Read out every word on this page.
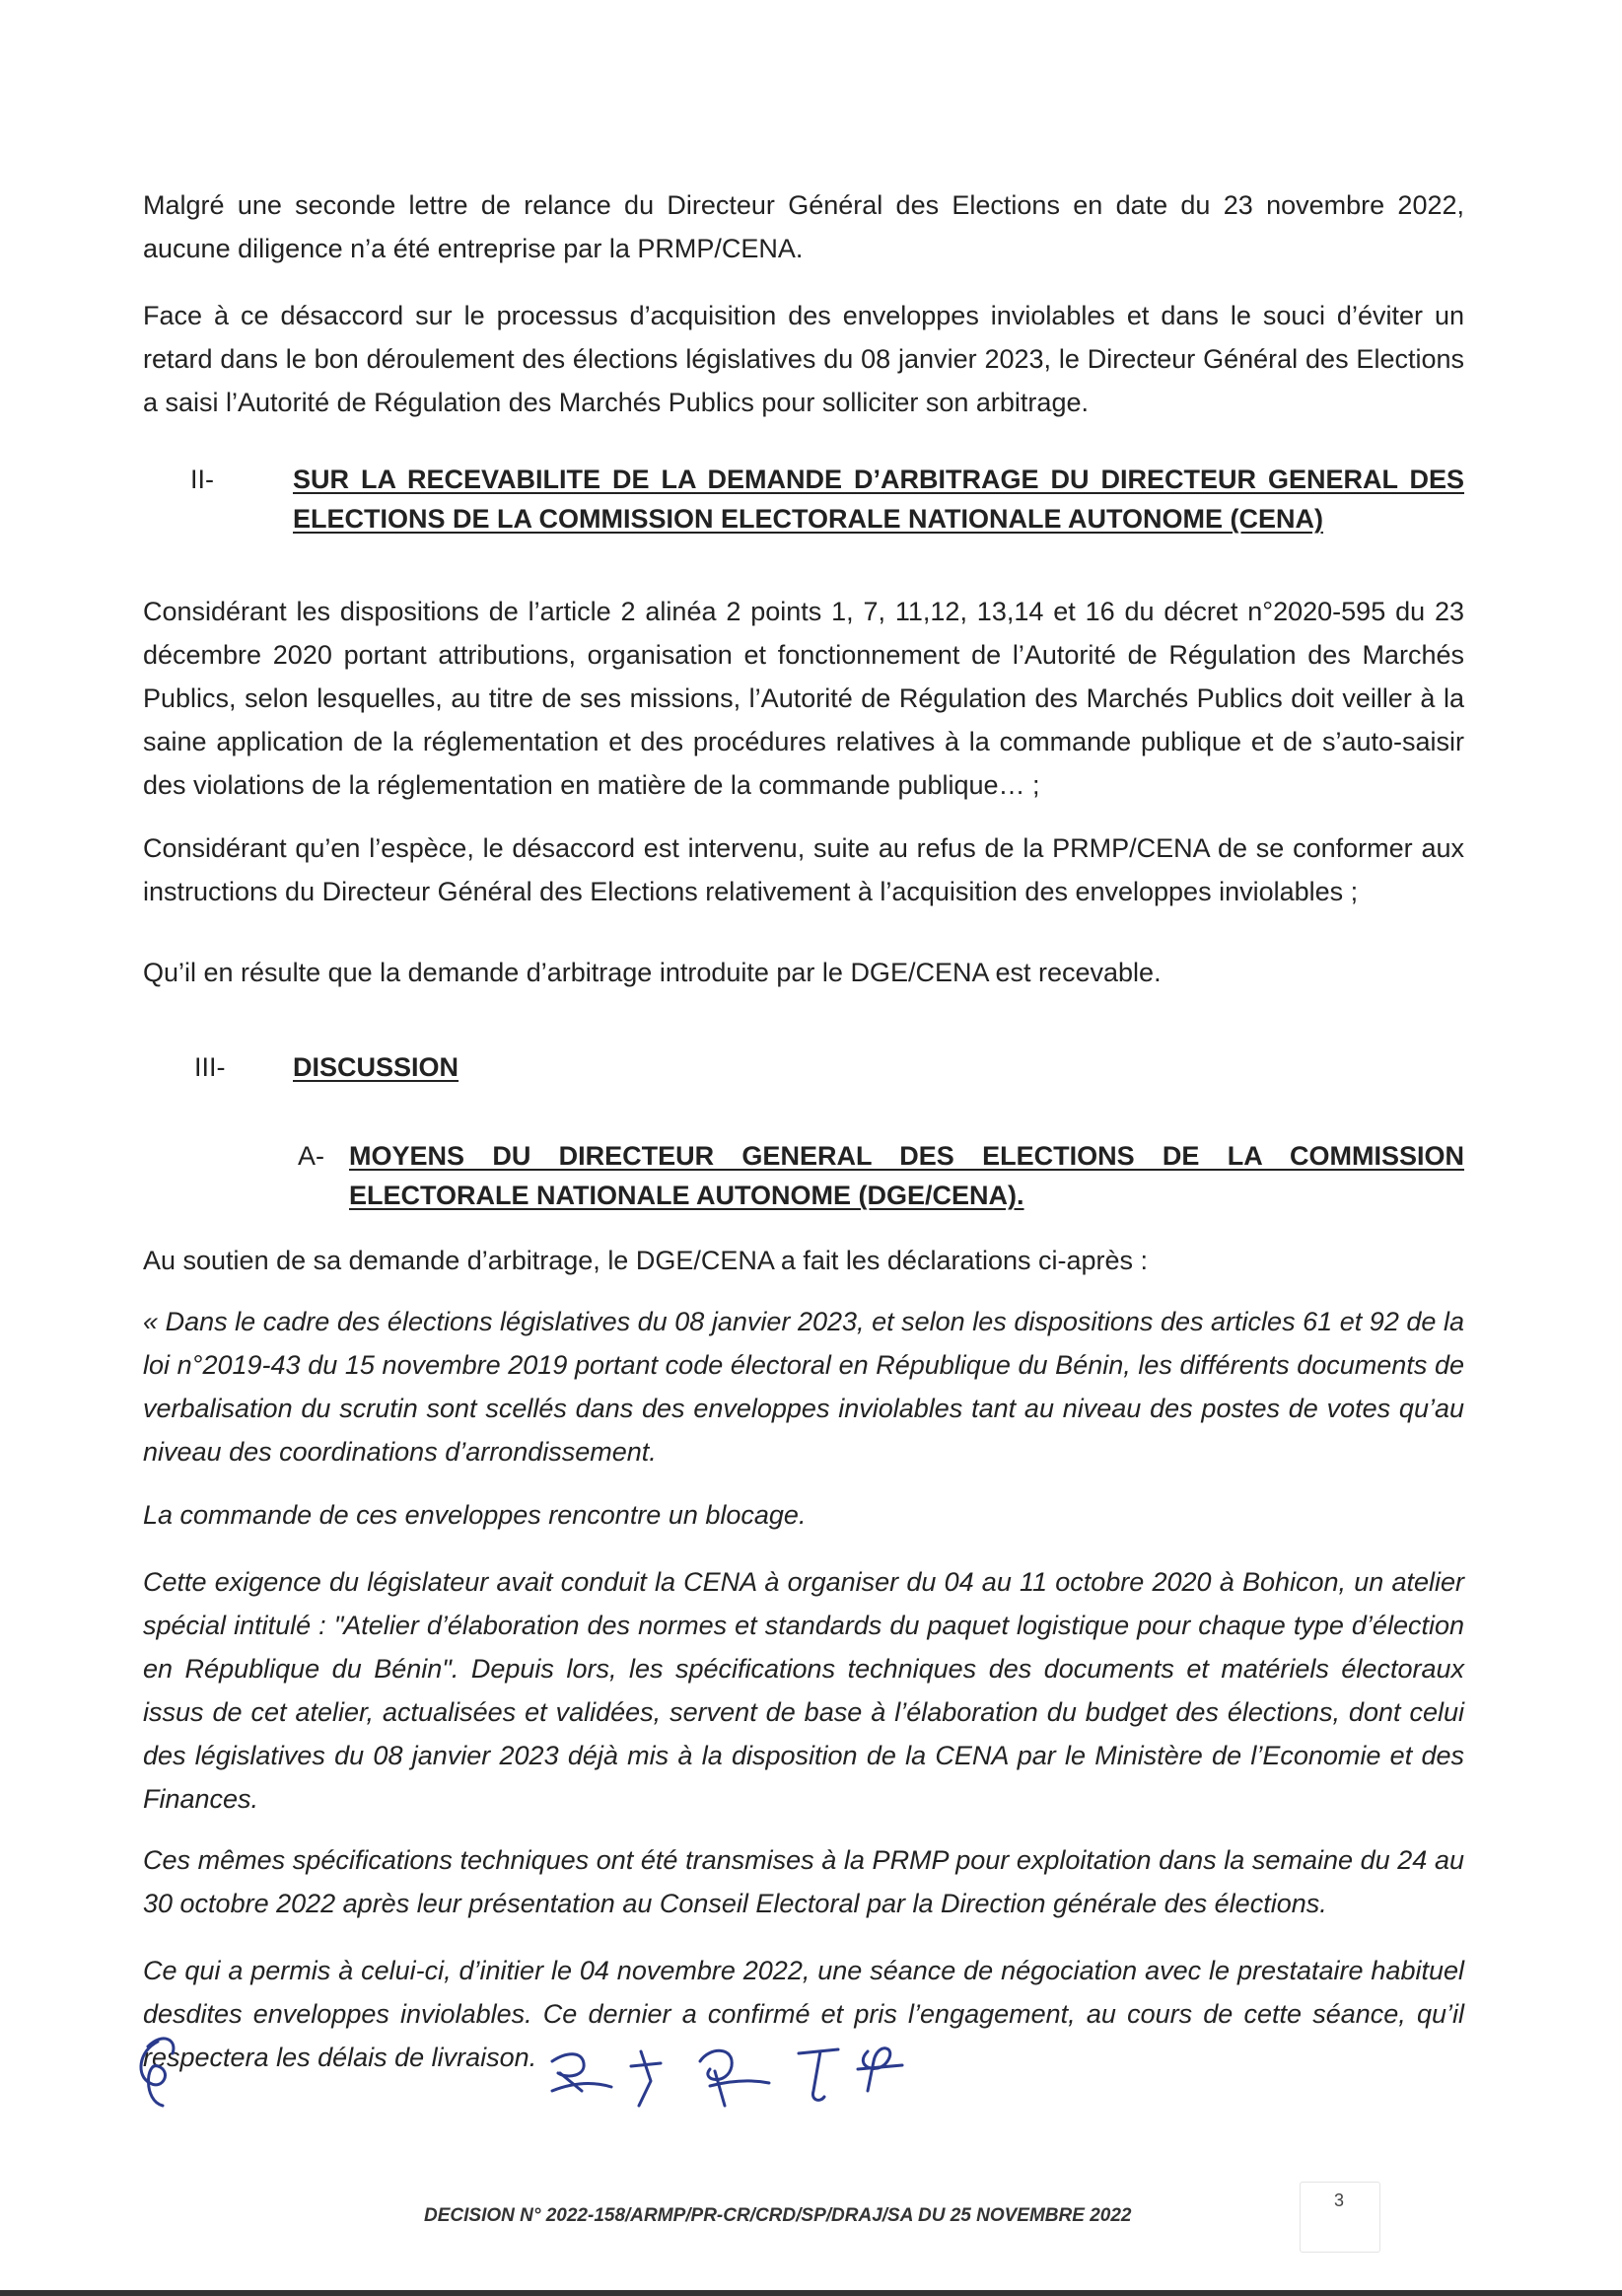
Malgré une seconde lettre de relance du Directeur Général des Elections en date du 23 novembre 2022, aucune diligence n’a été entreprise par la PRMP/CENA.

Face à ce désaccord sur le processus d’acquisition des enveloppes inviolables et dans le souci d’éviter un retard dans le bon déroulement des élections législatives du 08 janvier 2023, le Directeur Général des Elections a saisi l’Autorité de Régulation des Marchés Publics pour solliciter son arbitrage.

II-	SUR LA RECEVABILITE DE LA DEMANDE D’ARBITRAGE DU DIRECTEUR GENERAL DES ELECTIONS DE LA COMMISSION ELECTORALE NATIONALE AUTONOME (CENA)

Considérant les dispositions de l’article 2 alinéa 2 points 1, 7, 11,12, 13,14 et 16 du décret n°2020-595 du 23 décembre 2020 portant attributions, organisation et fonctionnement de l’Autorité de Régulation des Marchés Publics, selon lesquelles, au titre de ses missions, l’Autorité de Régulation des Marchés Publics doit veiller à la saine application de la réglementation et des procédures relatives à la commande publique et de s’auto-saisir des violations de la réglementation en matière de la commande publique… ;

Considérant qu’en l’espèce, le désaccord est intervenu, suite au refus de la PRMP/CENA de se conformer aux instructions du Directeur Général des Elections relativement à l’acquisition des enveloppes inviolables ;

Qu’il en résulte que la demande d’arbitrage introduite par le DGE/CENA est recevable.

III-	DISCUSSION
A- MOYENS DU DIRECTEUR GENERAL DES ELECTIONS DE LA COMMISSION ELECTORALE NATIONALE AUTONOME (DGE/CENA).

Au soutien de sa demande d’arbitrage, le DGE/CENA a fait les déclarations ci-après :

« Dans le cadre des élections législatives du 08 janvier 2023, et selon les dispositions des articles 61 et 92 de la loi n°2019-43 du 15 novembre 2019 portant code électoral en République du Bénin, les différents documents de verbalisation du scrutin sont scellés dans des enveloppes inviolables tant au niveau des postes de votes qu’au niveau des coordinations d’arrondissement.

La commande de ces enveloppes rencontre un blocage.

Cette exigence du législateur avait conduit la CENA à organiser du 04 au 11 octobre 2020 à Bohicon, un atelier spécial intitulé : ʺAtelier d’élaboration des normes et standards du paquet logistique pour chaque type d’élection en République du Béninʺ. Depuis lors, les spécifications techniques des documents et matériels électoraux issus de cet atelier, actualisées et validées, servent de base à l’élaboration du budget des élections, dont celui des législatives du 08 janvier 2023 déjà mis à la disposition de la CENA par le Ministère de l’Economie et des Finances.

Ces mêmes spécifications techniques ont été transmises à la PRMP pour exploitation dans la semaine du 24 au 30 octobre 2022 après leur présentation au Conseil Electoral par la Direction générale des élections.

Ce qui a permis à celui-ci, d’initier le 04 novembre 2022, une séance de négociation avec le prestataire habituel desdites enveloppes inviolables. Ce dernier a confirmé et pris l’engagement, au cours de cette séance, qu’il respectera les délais de livraison.

DECISION N° 2022-158/ARMP/PR-CR/CRD/SP/DRAJ/SA DU 25 NOVEMBRE 2022
3
